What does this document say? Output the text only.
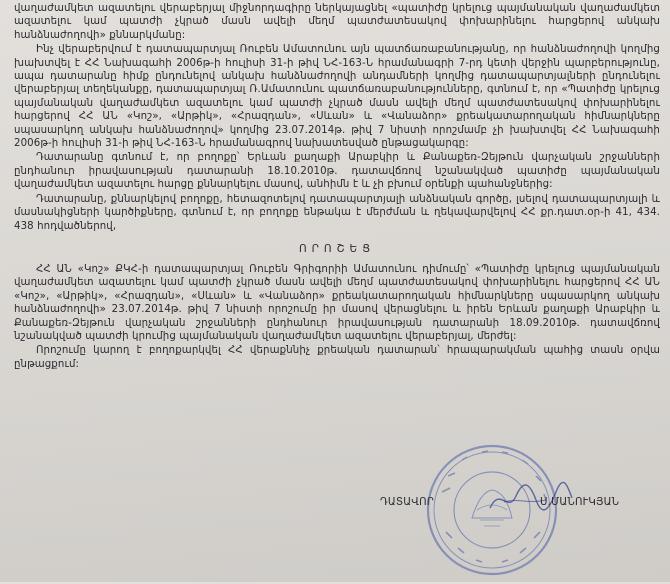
վաղաժամկետ ազատելու վերաբերյալ միջնորդագիրը ներկայացնել «պատիժը կրելուց պայմանական վաղաժամկետ ազատելու կամ պատժի չկրած մասն ավելի մեղմ պատժատեսակով փոխարինելու հարցերով անկախ հանձնաժողովի» քննարկմանը:

Ինչ վերաբերվում է դատապարտյալ Ռուբեն Ամատունու այն պատճառաբանությանը, որ հանձնաժողովի կողմից խախտվել է ՀՀ Նախագահի 2006թ-ի հուլիսի 31-ի թիվ ՆՀ-163-Ն հրամանագրի 7-րդ կետի վերջին պարբերությունը, ապա դատարանը հիմք ընդունելով անկախ հանձնաժողովի անդամների կողմից դատապարտյալների ընդունելու վերաբերյալ տեղեկանքը, դատապարտյալ Ռ.Ամատունու պատճառաբանությունները, գտնում է, որ «Պատիժը կրելուց պայմանական վաղաժամկետ ազատելու կամ պատժի չկրած մասն ավելի մեղմ պատժատեսակով փոխարինելու հարցերով ՀՀ ԱՆ «Կոշ», «Արթիկ», «Հրազդան», «Սևան» և «Վանաձոր» քրեակատարողական հիմնարկները սպասարկող անկախ հանձնաժողով» կողմից 23.07.2014թ. թիվ 7 նիստի որոշմամբ չի խախտվել ՀՀ Նախագահի 2006թ-ի հուլիսի 31-ի թիվ ՆՀ-163-Ն հրամանագրով նախատեսված ընթացակարգը:

Դատարանը գտնում է, որ բողոքը՝ Երևան քաղաքի Արաբկիր և Քանաքեռ-Զեյթուն վարչական շրջանների ընդհանուր իրավասության դատարանի 18.10.2010թ. դատավճռով նշանակված պատիժը պայմանական վաղաժամկետ ազատելու հարցը քննարկելու մասով, անհիմն է և չի բխում օրենքի պահանջներից:

Դատարանը, քննարկելով բողոքը, հետազոտելով դատապարտյալի անձնական գործը, լսելով դատապարտյալի և մասնակիցների կարծիքները, գտնում է, որ բողոքը ենթակա է մերժման և ղեկավարվելով ՀՀ քր.դատ.օր-ի 41, 434. 438 հոդվածներով,

ՈՐՈՇԵՑ

ՀՀ ԱՆ «Կոշ» ՔԿՀ-ի դատապարտյալ Ռուբեն Գրիգորիի Ամատունու դիմումը՝ «Պատիժը կրելուց պայմանական վաղաժամկետ ազատելու կամ պատժի չկրած մասն ավելի մեղմ պատժատեսակով փոխարինելու հարցերով ՀՀ ԱՆ «Կոշ», «Արթիկ», «Հրազդան», «Սևան» և «Վանաձոր» քրեակատարողական հիմնարկները սպասարկող անկախ հանձնաժողովի» 23.07.2014թ. թիվ 7 նիստի որոշումը իր մասով վերացնելու և իրեն Երևան քաղաքի Արաբկիր և Քանաքեռ-Զեյթուն վարչական շրջանների ընդհանուր իրավասության դատարանի 18.09.2010թ. դատավճռով նշանակված պատժի կրումից պայմանական վաղաժամկետ ազատելու վերաբերյալ, մերժել:

Որոշումը կարող է բողոքարկվել ՀՀ վերաքննիչ քրեական դատարան՝ հրապարակման պահից տասն օրվա ընթացքում:

ԴԱՏԱՎՈՐ	Ս.ՄԱՆՈՒԿՅԱՆ
